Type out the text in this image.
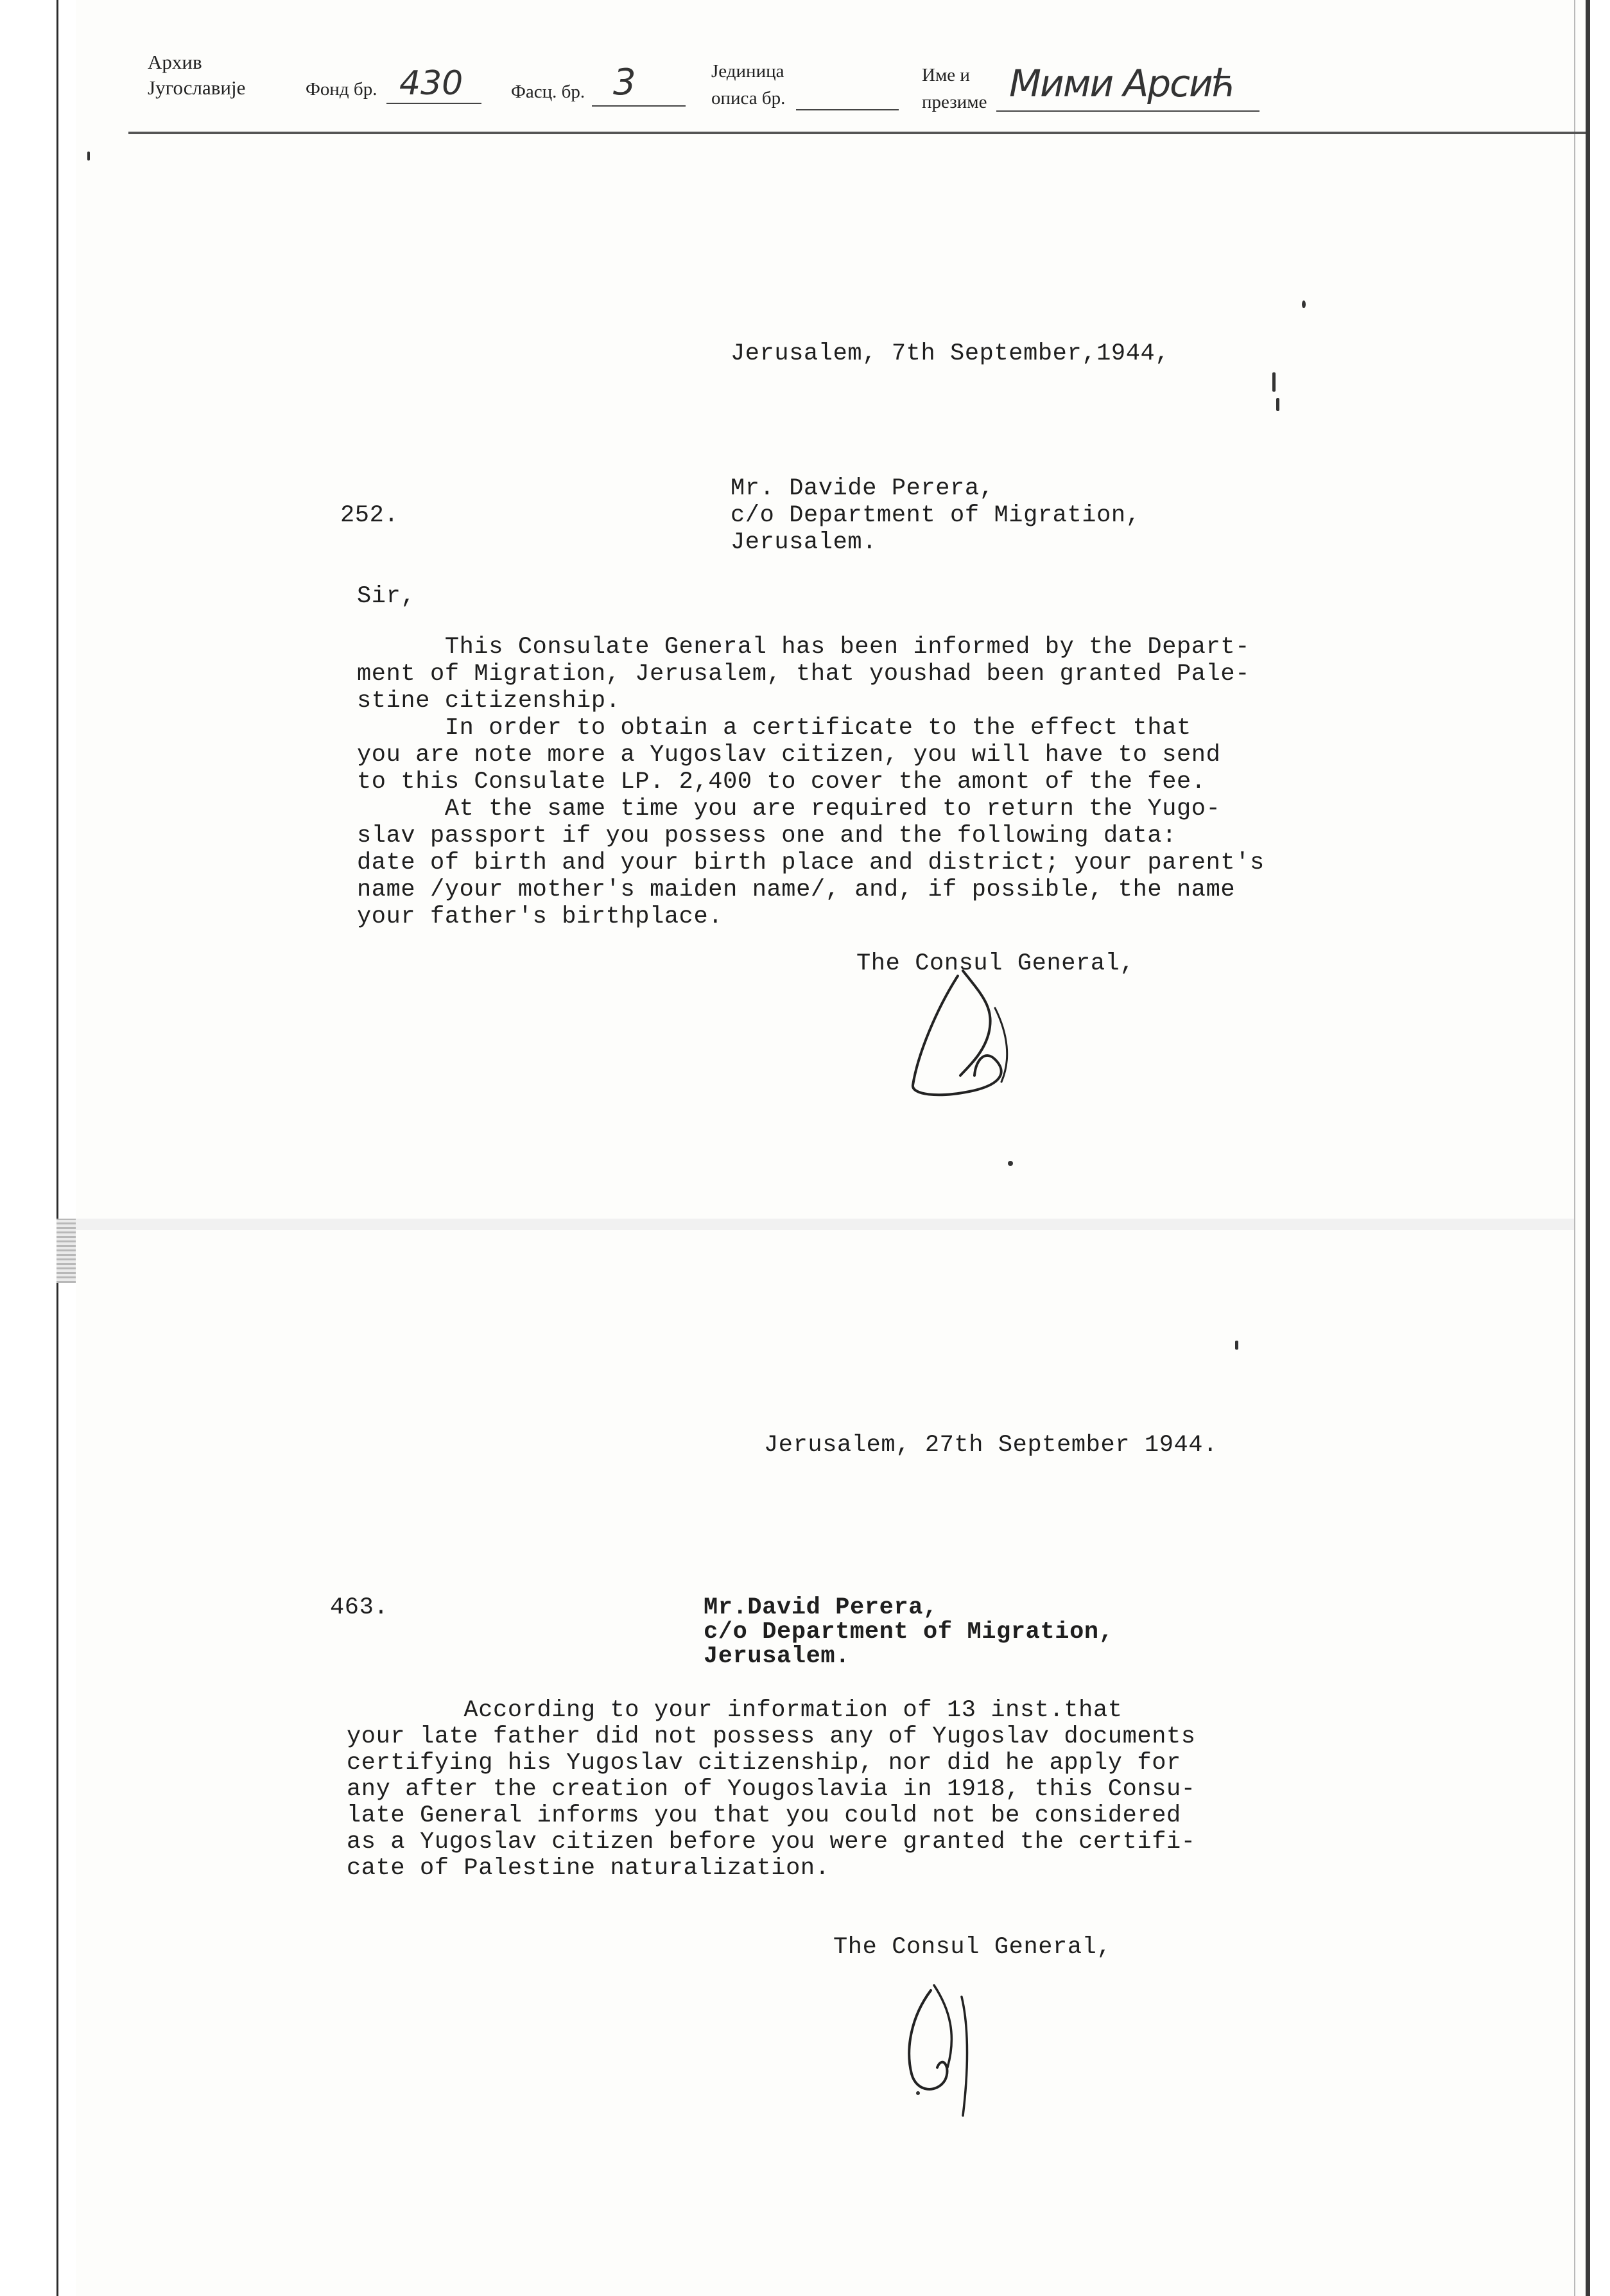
Архив
Југославије	Фонд бр. 430	Фасц. бр. 3	Јединица
описа бр.
Име и
презиме Мими Арсић
Jerusalem, 7th September,1944,
252.
Mr. Davide Perera,
c/o Department of Migration,
Jerusalem.
Sir,
This Consulate General has been informed by the Depart-
ment of Migration, Jerusalem, that youshad been granted Pale-
stine citizenship.
In order to obtain a certificate to the effect that
you are note more a Yugoslav citizen, you will have to send
to this Consulate LP. 2,400 to cover the amont of the fee.
At the same time you are required to return the Yugo-
slav passport if you possess one and the following data:
date of birth and your birth place and district; your parent's
name /your mother's maiden name/, and, if possible, the name
your father's birthplace.
The Consul General,
Jerusalem, 27th September 1944.
463.	Mr.David Perera,
c/o Department of Migration,
Jerusalem.
According to your information of 13 inst.that
your late father did not possess any of Yugoslav documents
certifying his Yugoslav citizenship, nor did he apply for
any after the creation of Yougoslavia in 1918, this Consu-
late General informs you that you could not be considered
as a Yugoslav citizen before you were granted the certifi-
cate of Palestine naturalization.
The Consul General,
